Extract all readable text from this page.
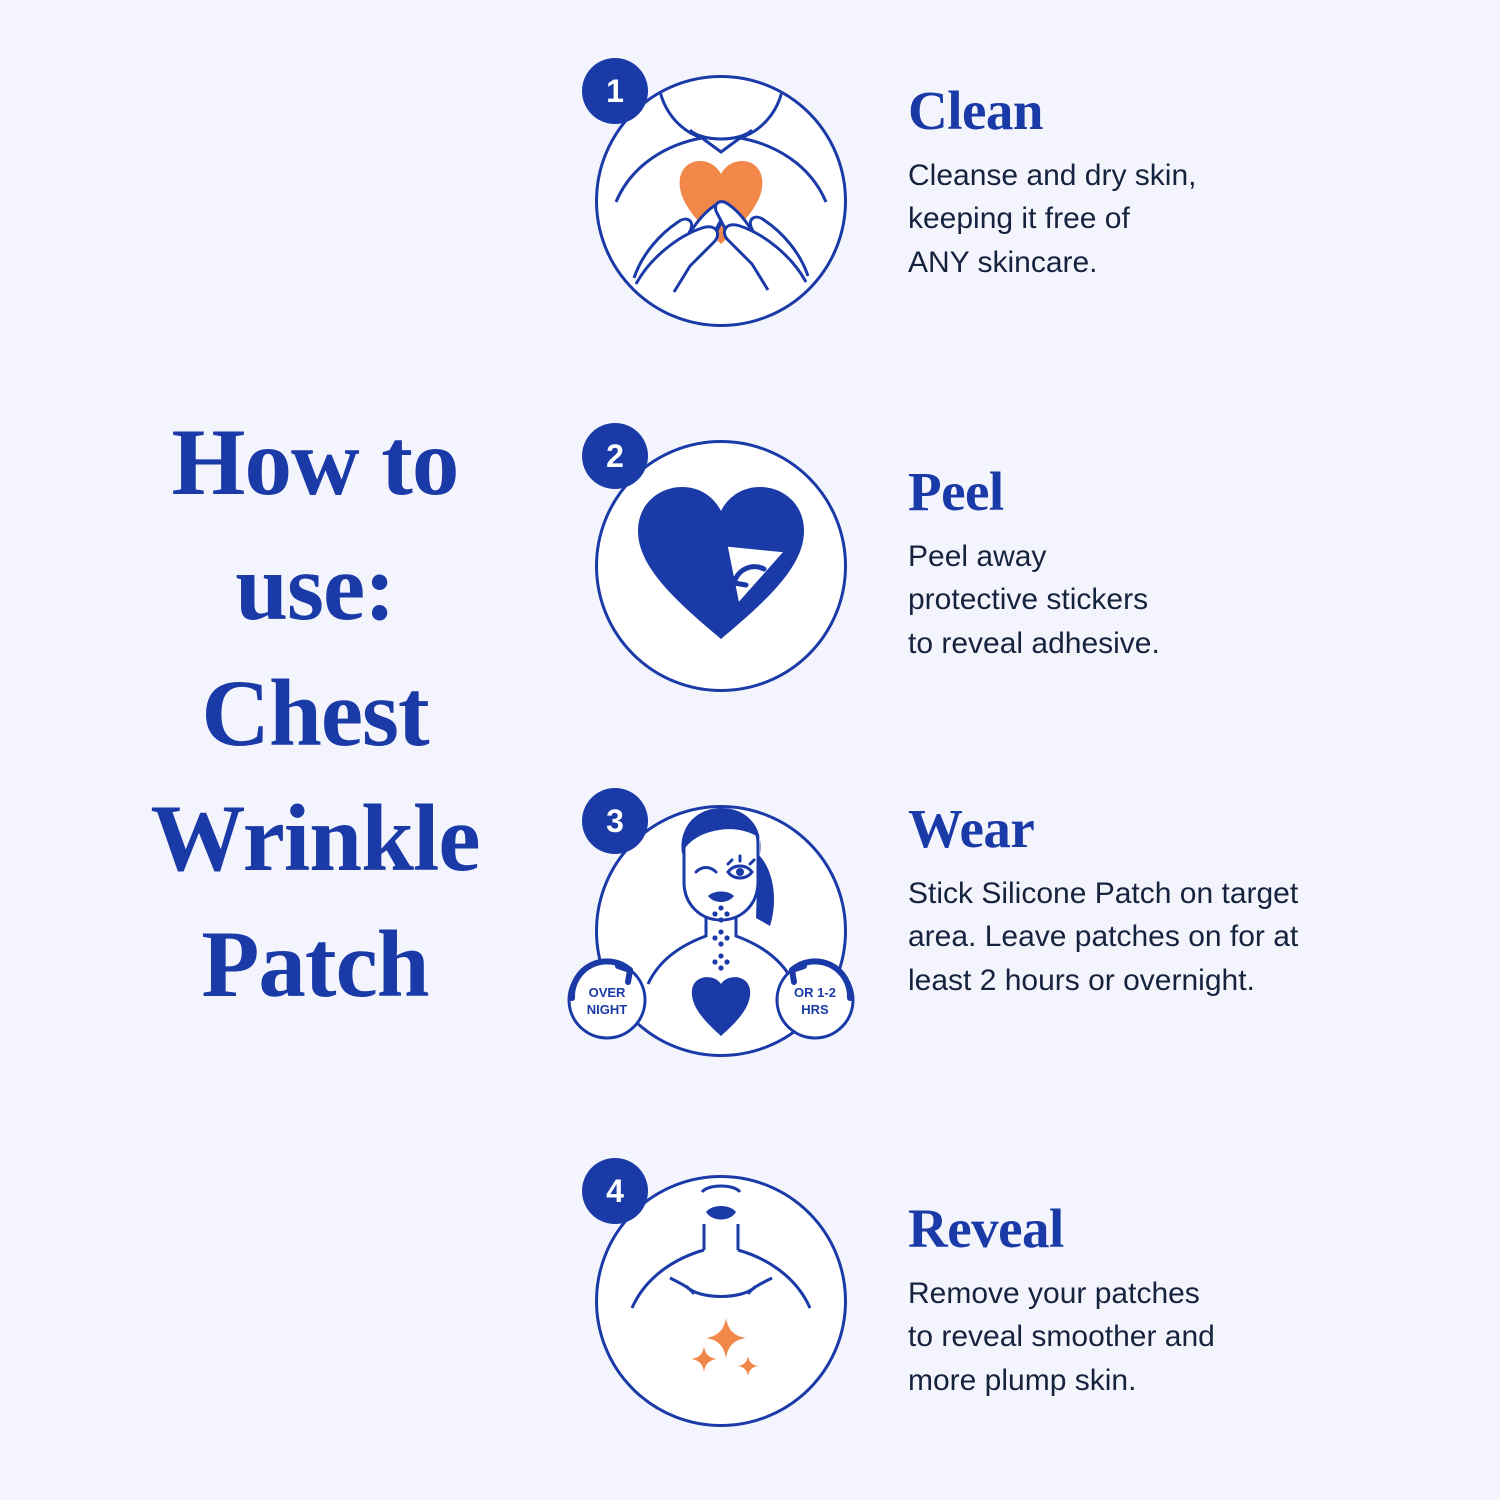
How to
use:
Chest
Wrinkle
Patch
1	Clean

Cleanse and dry skin,
keeping it free of
ANY skincare.

2
Peel

Peel away
protective stickers
to reveal adhesive.

3
OVER
NIGHT
OR 1-2
HRS
Wear

Stick Silicone Patch on target
area. Leave patches on for at
least 2 hours or overnight.

4
Reveal

Remove your patches
to reveal smoother and
more plump skin.
